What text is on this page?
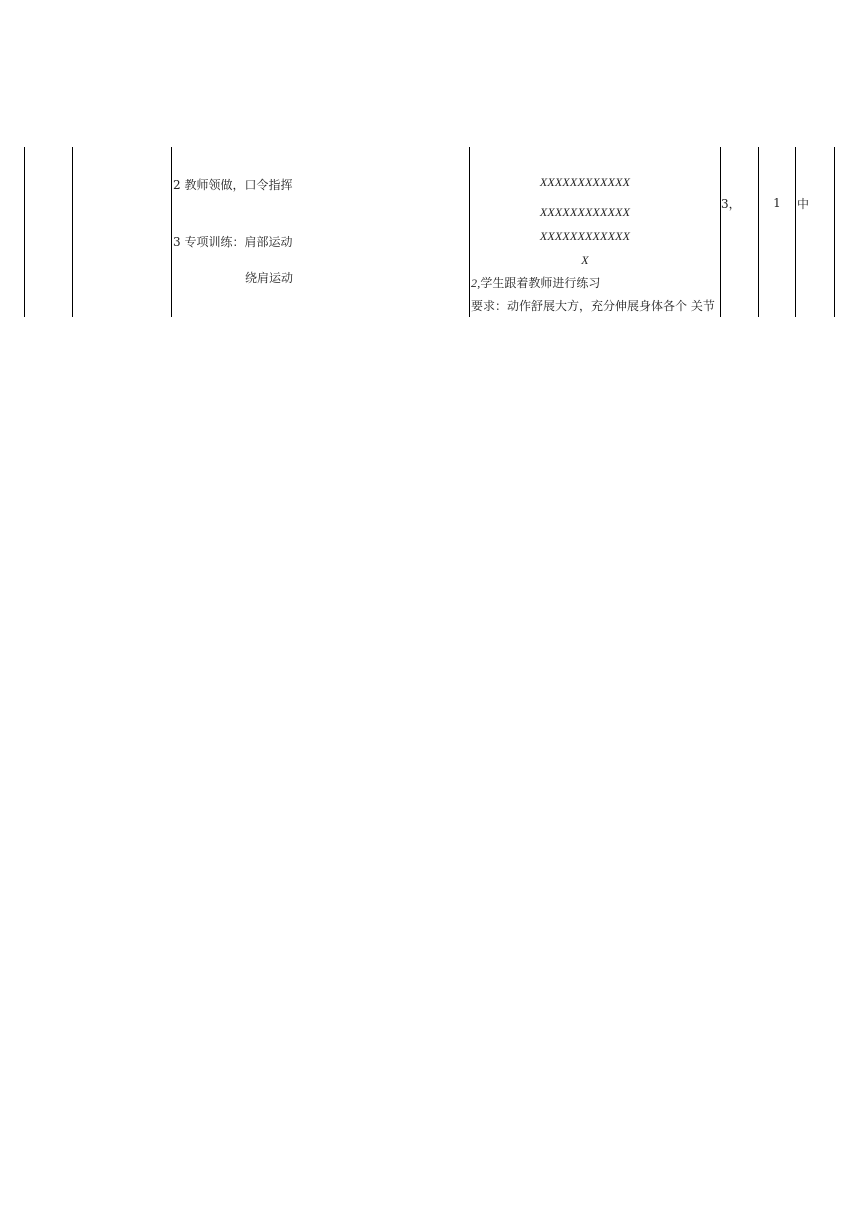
2 教师领做，口令指挥
3 专项训练：肩部运动
绕肩运动
XXXXXXXXXXXX
XXXXXXXXXXXX
XXXXXXXXXXXX
X
2,学生跟着教师进行练习
要求：动作舒展大方，充分伸展身体各个 关节
3，	1	中
